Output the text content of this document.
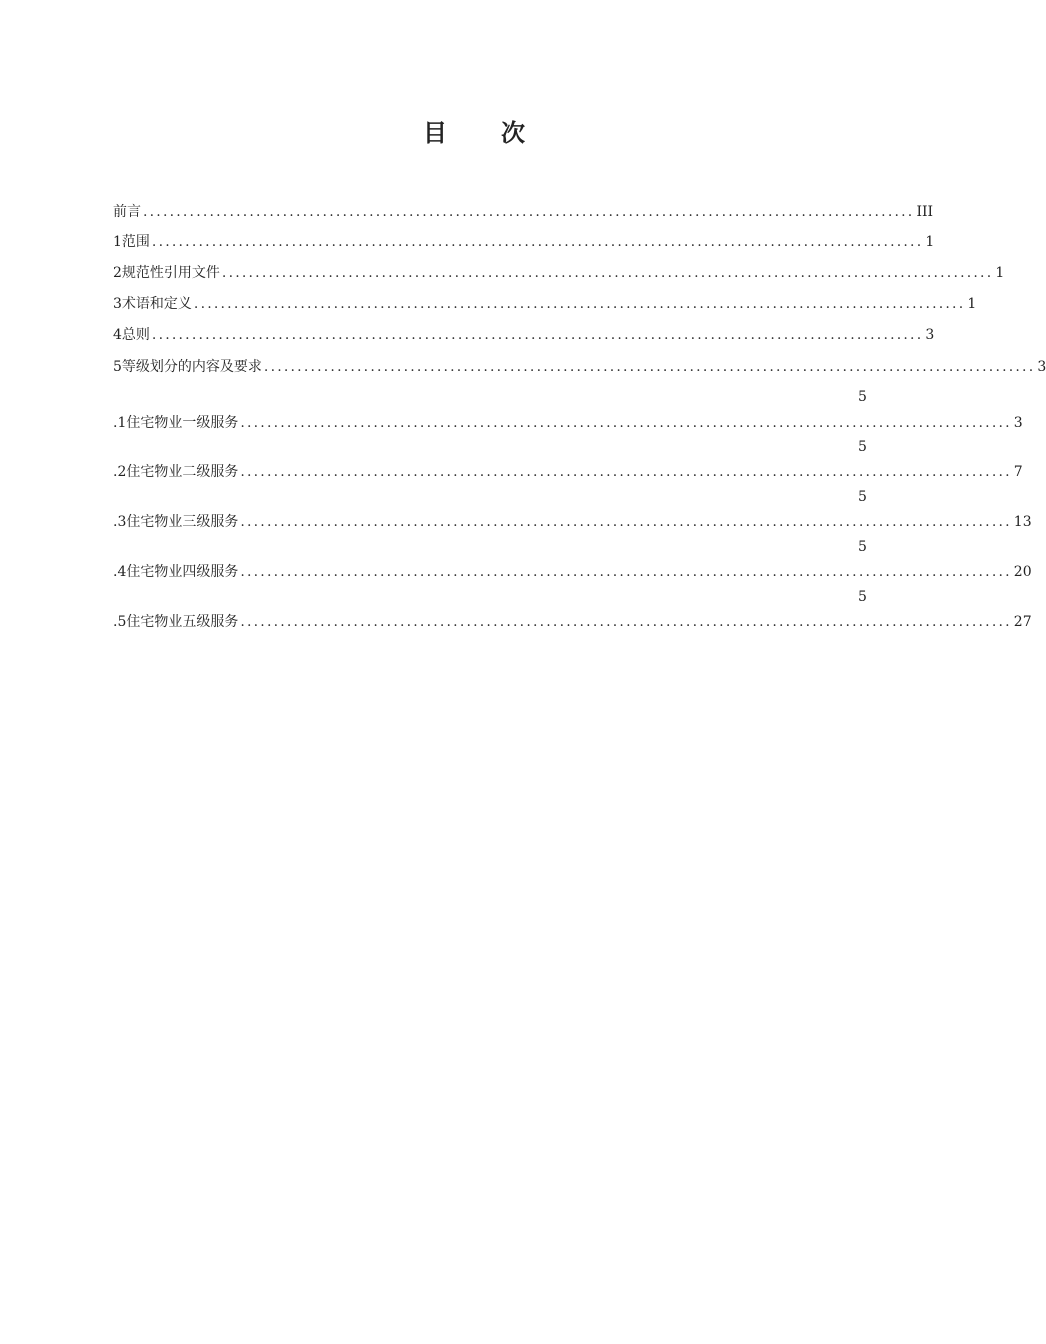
目 次
前言 .................................................................................................................... III
1 范围 .................................................................................................................... 1
2 规范性引用文件 .................................................................................................................... 1
3 术语和定义 .................................................................................................................... 1
4 总则 .................................................................................................................... 3
5 等级划分的内容及要求 .................................................................................................................... 3
5
.1 住宅物业一级服务 .................................................................................................................... 3
5
.2 住宅物业二级服务 .................................................................................................................... 7
5
.3 住宅物业三级服务 .................................................................................................................... 13
5
.4 住宅物业四级服务 .................................................................................................................... 20
5
.5 住宅物业五级服务 .................................................................................................................... 27
